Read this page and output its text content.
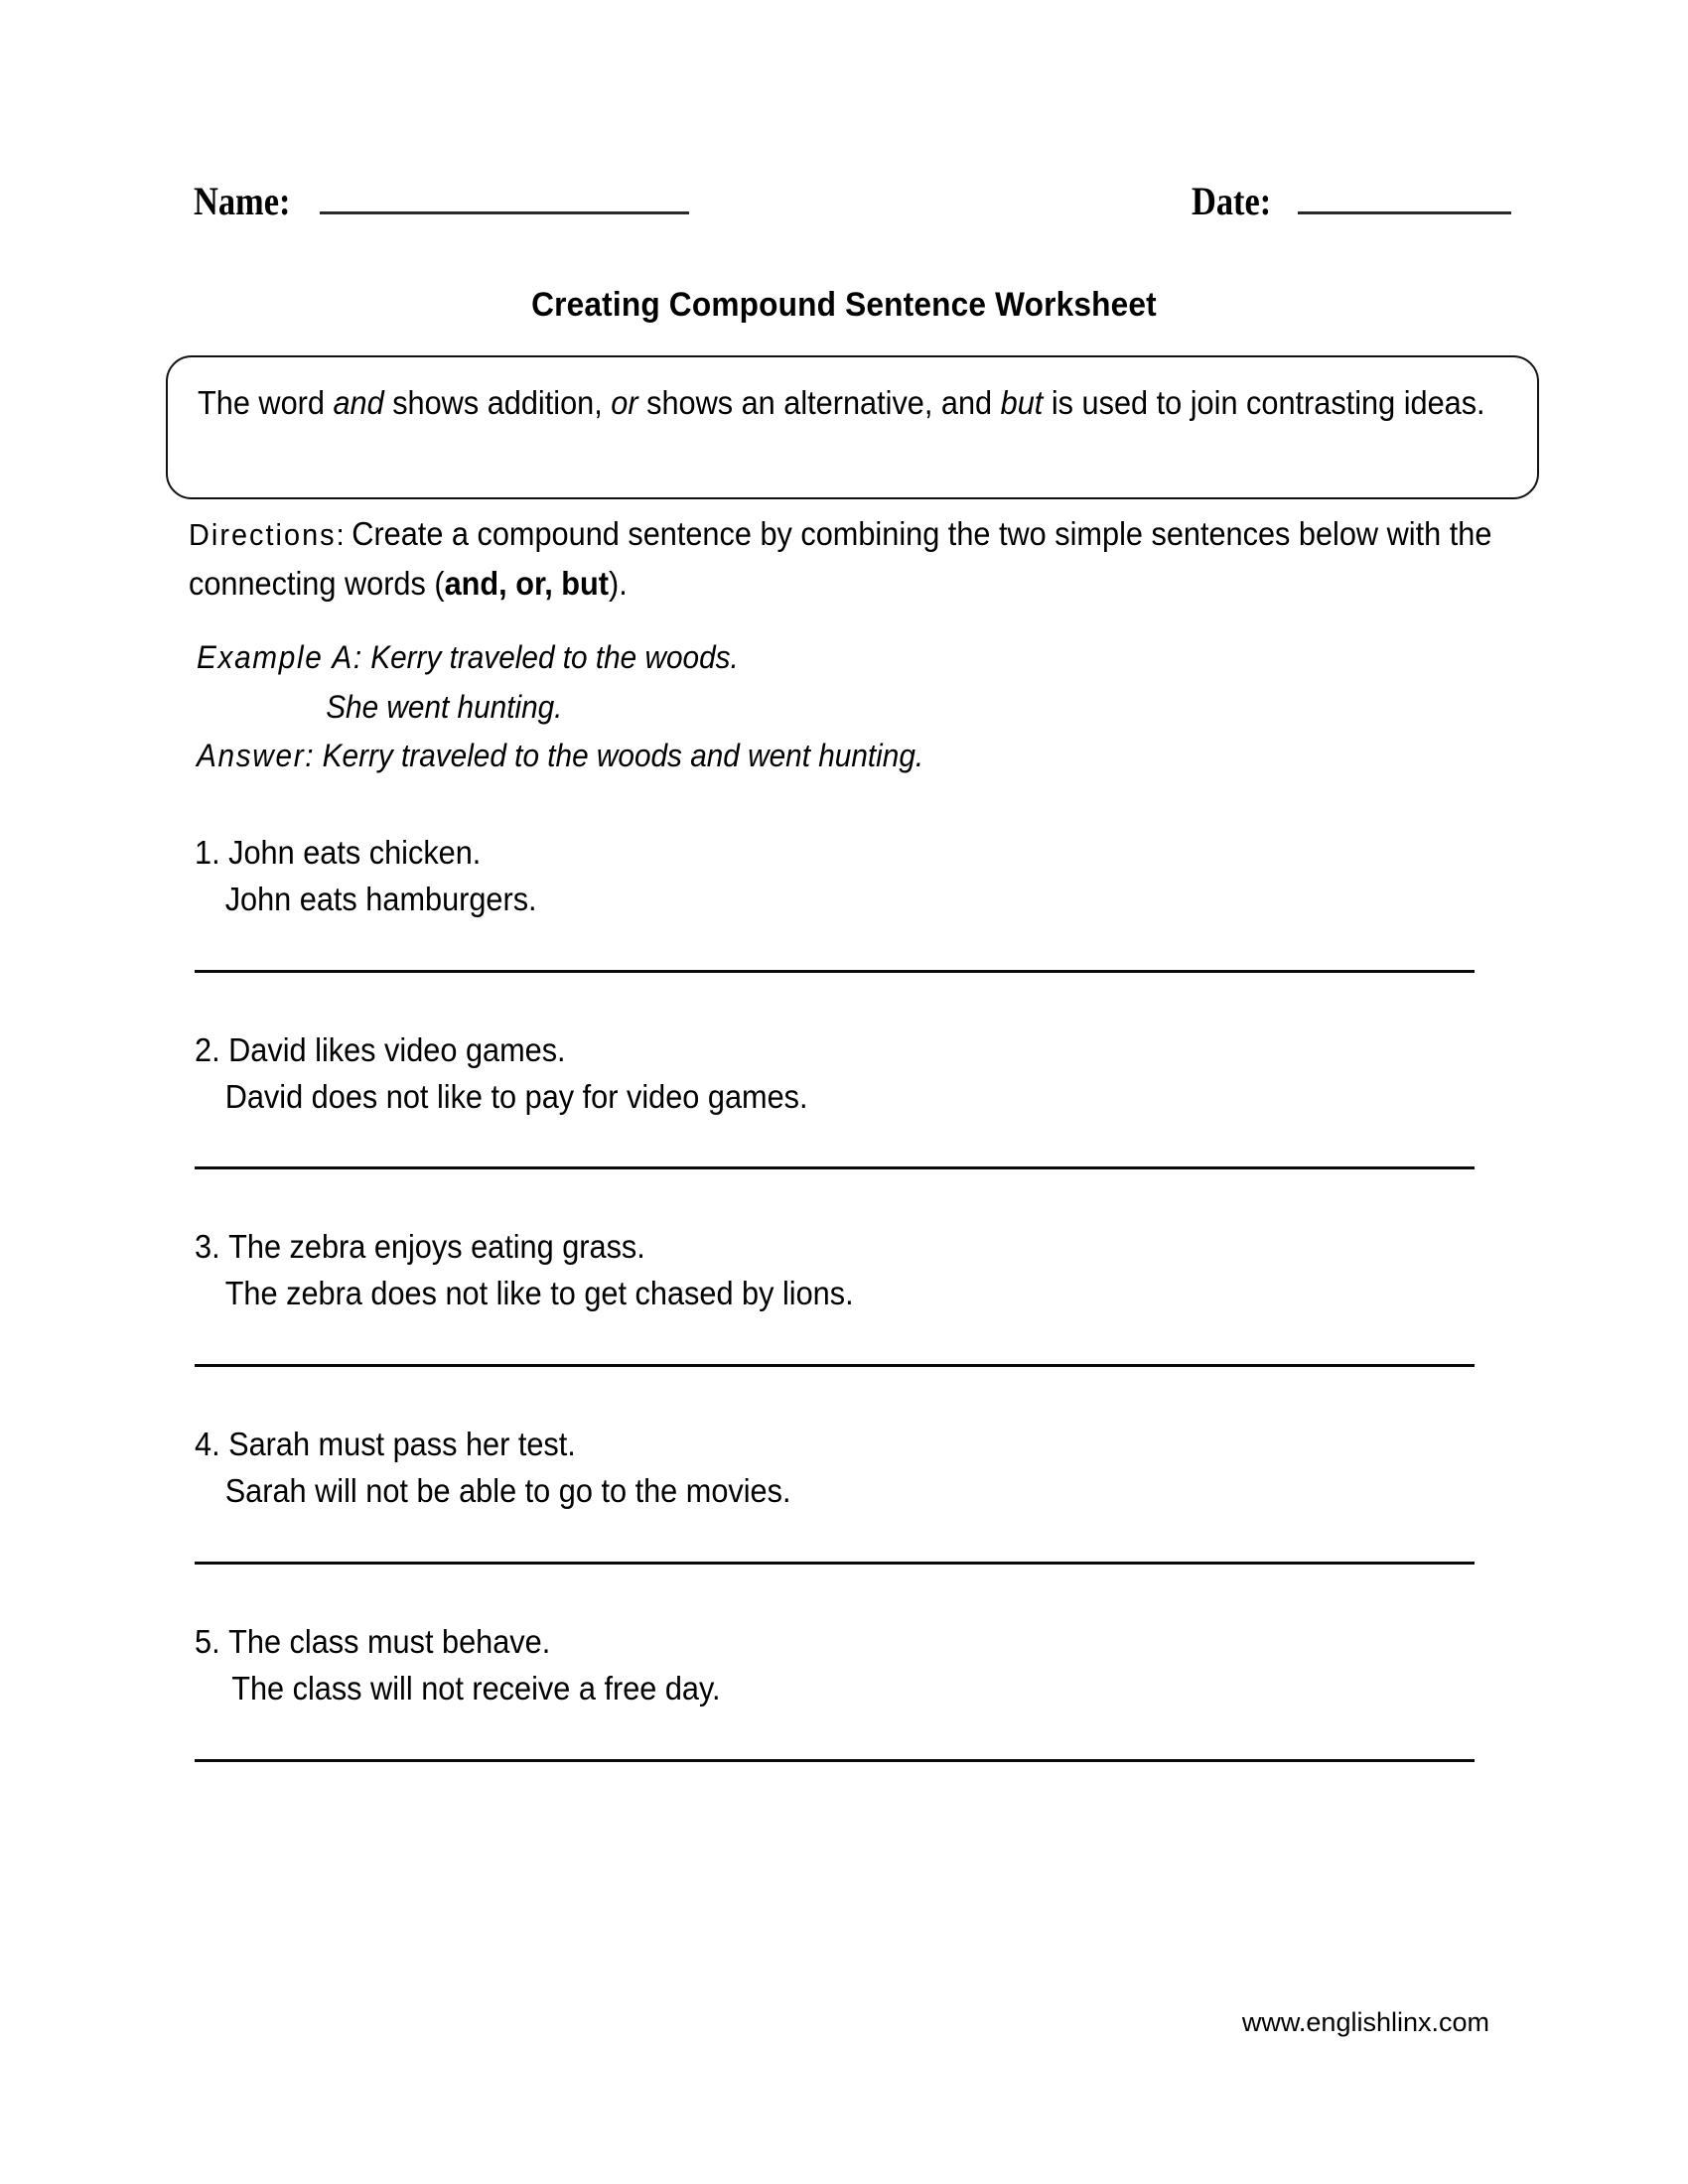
Name:	Date:
Creating Compound Sentence Worksheet
The word and shows addition, or shows an alternative, and but is used to join contrasting ideas.
Directions: Create a compound sentence by combining the two simple sentences below with the connecting words (and, or, but).
Example A: Kerry traveled to the woods.
She went hunting.
Answer: Kerry traveled to the woods and went hunting.
1. John eats chicken.
John eats hamburgers.
2. David likes video games.
David does not like to pay for video games.
3. The zebra enjoys eating grass.
The zebra does not like to get chased by lions.
4. Sarah must pass her test.
Sarah will not be able to go to the movies.
5. The class must behave.
The class will not receive a free day.
www.englishlinx.com
